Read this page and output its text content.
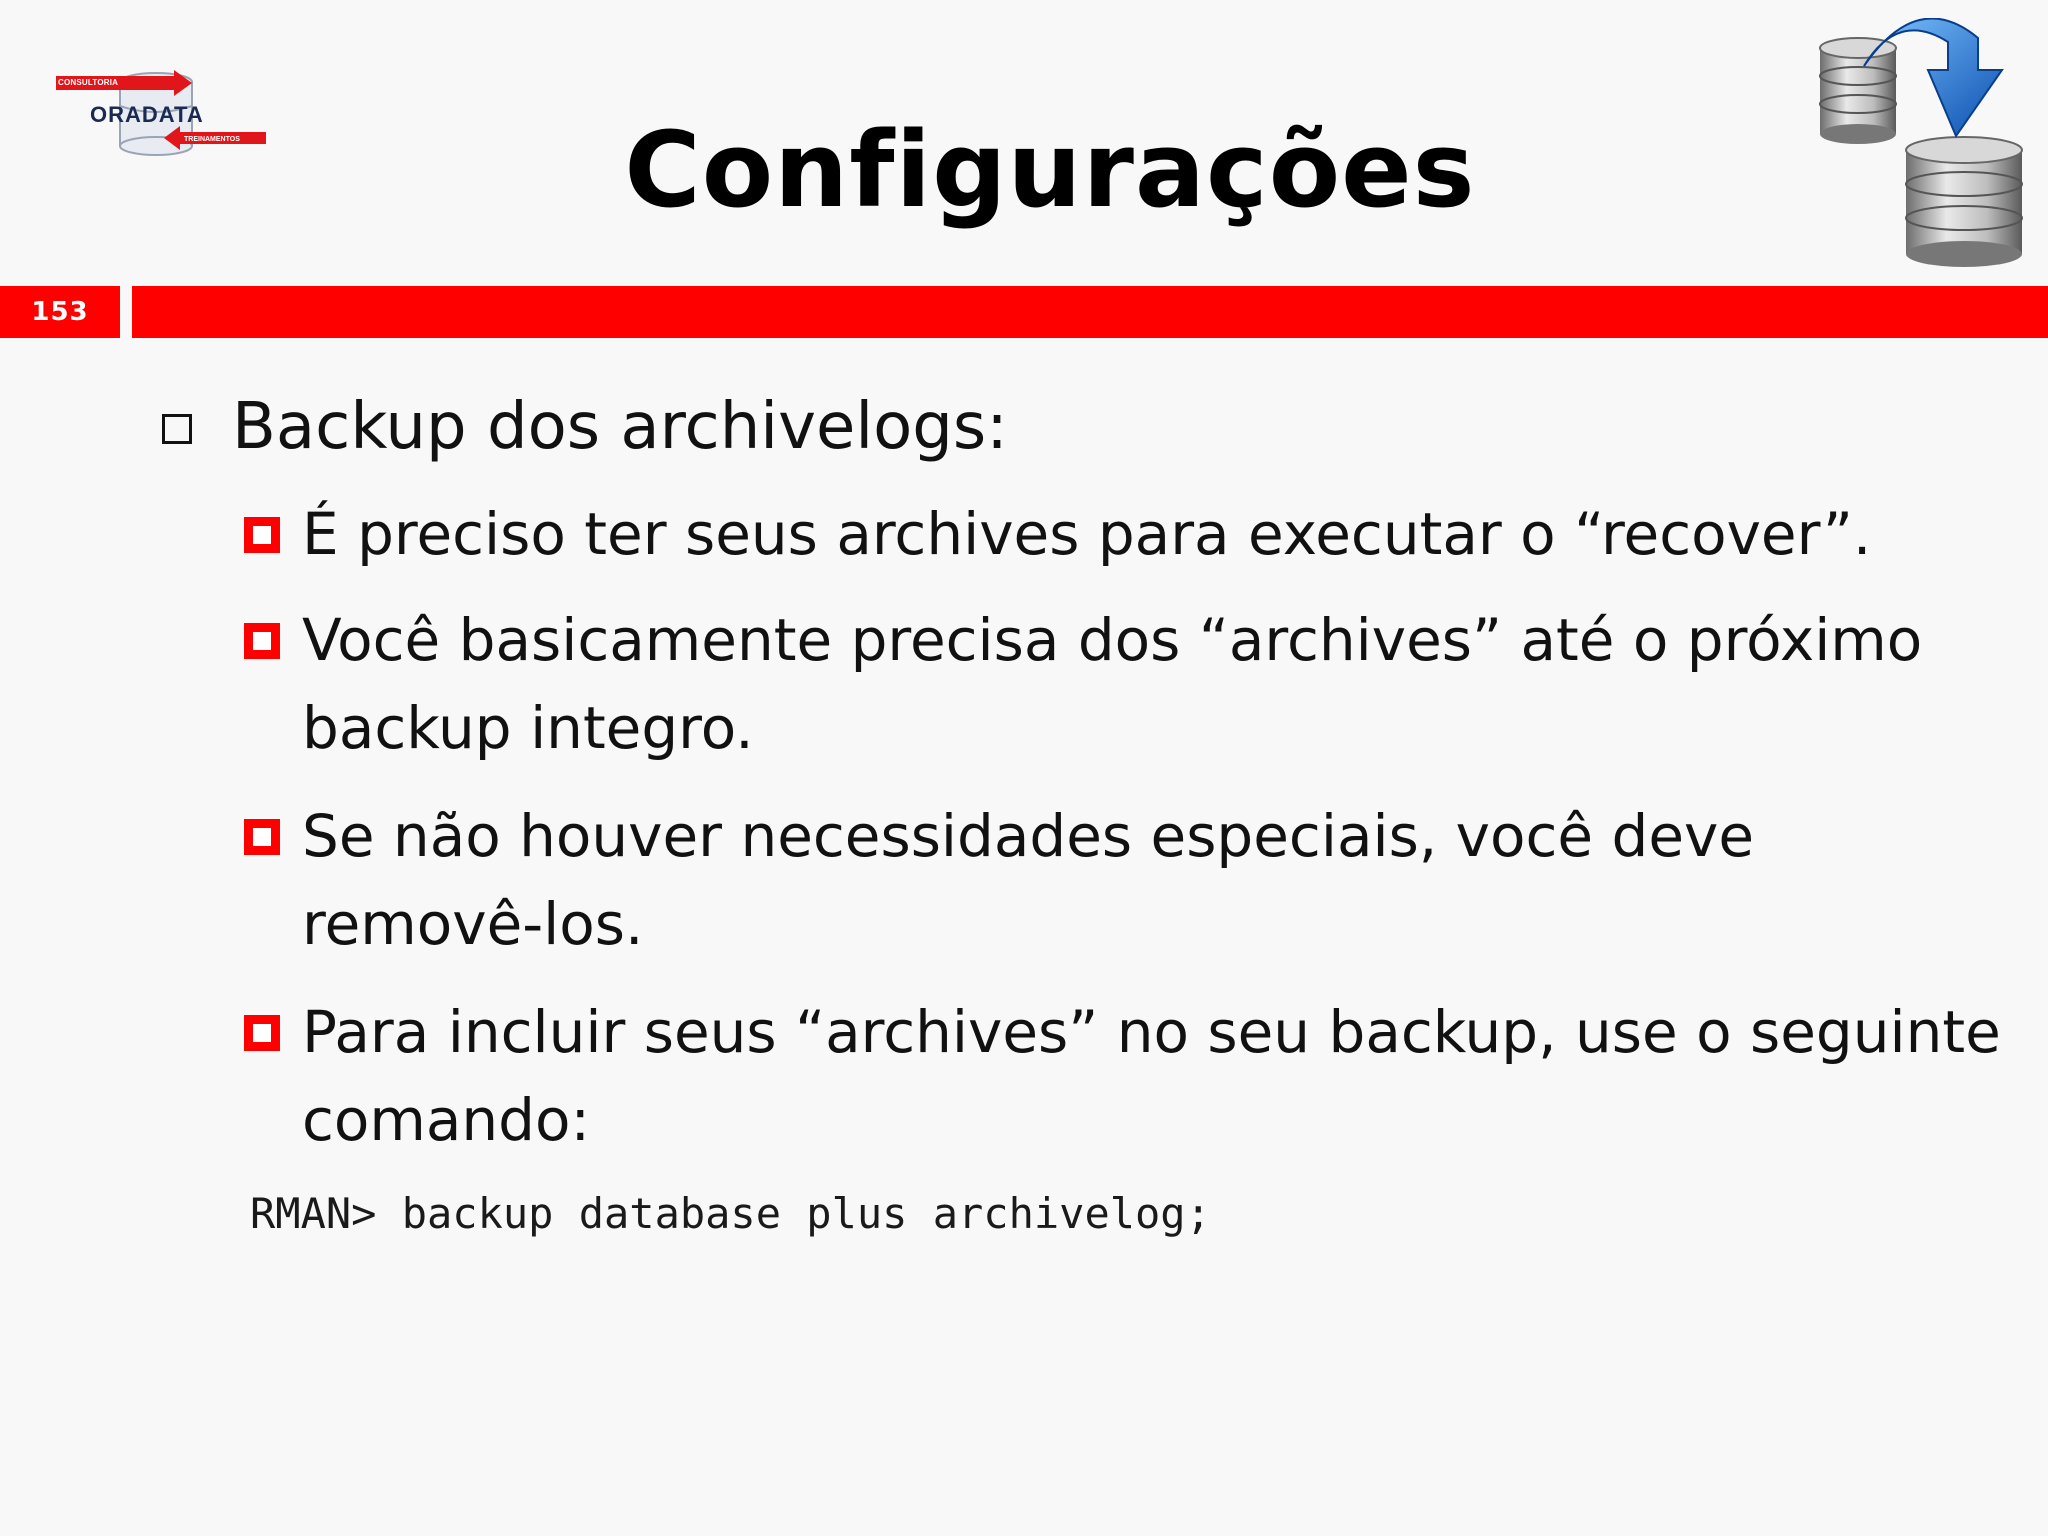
CONSULTORIA
ORADATA
TREINAMENTOS	Configurações
153
Backup dos archivelogs:
É preciso ter seus archives para executar o “recover”.
Você basicamente precisa dos “archives” até o próximo backup integro.
Se não houver necessidades especiais, você deve removê-los.
Para incluir seus “archives” no seu backup, use o seguinte comando:
RMAN> backup database plus archivelog;
